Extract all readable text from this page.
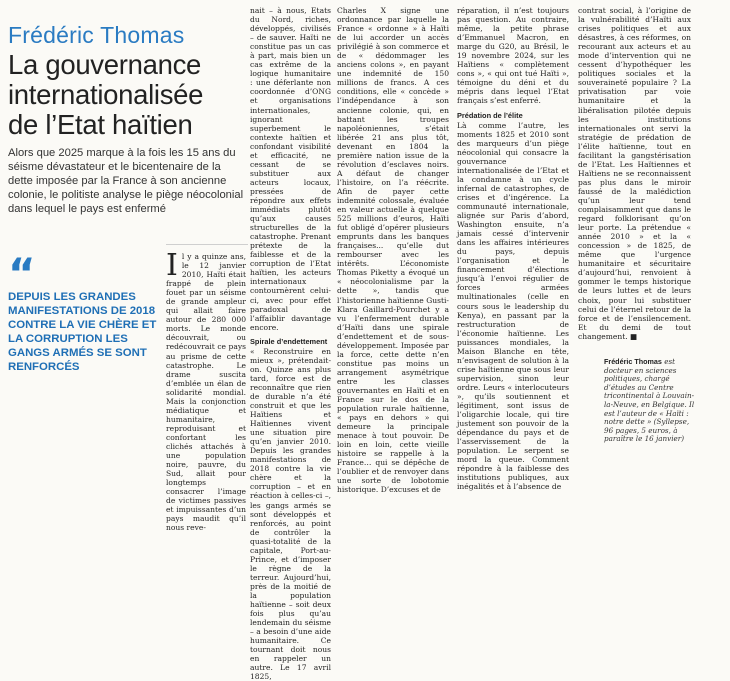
Frédéric Thomas
La gouvernance internationalisée de l’Etat haïtien
Alors que 2025 marque à la fois les 15 ans du séisme dévastateur et le bicentenaire de la dette imposée par la France à son ancienne colonie, le politiste analyse le piège néocolonial dans lequel le pays est enfermé
“
DEPUIS LES GRANDES MANIFESTATIONS DE 2018 CONTRE LA VIE CHÈRE ET LA CORRUPTION LES GANGS ARMÉS SE SONT RENFORCÉS
I l y a quinze ans, le 12 janvier 2010, Haïti était frappé de plein fouet par un séisme de grande ampleur qui allait faire autour de 280 000 morts. Le monde découvrait, ou redécouvrait ce pays au prisme de cette catastrophe. Le drame suscita d’emblée un élan de solidarité mondial. Mais la conjonction médiatique et humanitaire, reproduisant et confortant les clichés attachés à une population noire, pauvre, du Sud, allait pour longtemps consacrer l’image de victimes passives et impuissantes d’un pays maudit qu’il nous reve-

nait – à nous, Etats du Nord, riches, développés, civilisés – de sauver. Haïti ne constitue pas un cas à part, mais bien un cas extrême de la logique humanitaire : une déferlante non coordonnée d’ONG et organisations internationales, ignorant superbement le contexte haïtien et confondant visibilité et efficacité, ne cessant de se substituer aux acteurs locaux, pressées de répondre aux effets immédiats plutôt qu’aux causes structurelles de la catastrophe. Prenant prétexte de la faiblesse et de la corruption de l’Etat haïtien, les acteurs internationaux contournèrent celui-ci, avec pour effet paradoxal de l’affaiblir davantage encore.

Spirale d’endettement

« Reconstruire en mieux », prétendait-on. Quinze ans plus tard, force est de reconnaître que rien de durable n’a été construit et que les Haïtiens et Haïtiennes vivent une situation pire qu’en janvier 2010. Depuis les grandes manifestations de 2018 contre la vie chère et la corruption – et en réaction à celles-ci –, les gangs armés se sont développés et renforcés, au point de contrôler la quasi-totalité de la capitale, Port-au-Prince, et d’imposer le règne de la terreur. Aujourd’hui, près de la moitié de la population haïtienne – soit deux fois plus qu’au lendemain du séisme – a besoin d’une aide humanitaire. Ce tournant doit nous en rappeler un autre. Le 17 avril 1825,

Charles X signe une ordonnance par laquelle la France « ordonne » à Haïti de lui accorder un accès privilégié à son commerce et de « dédommager les anciens colons », en payant une indemnité de 150 millions de francs. A ces conditions, elle « concède » l’indépendance à son ancienne colonie, qui, en battant les troupes napoléoniennes, s’était libérée 21 ans plus tôt, devenant en 1804 la première nation issue de la révolution d’esclaves noirs. A défaut de changer l’histoire, on l’a réécrite. Afin de payer cette indemnité colossale, évaluée en valeur actuelle à quelque 525 millions d’euros, Haïti fut obligé d’opérer plusieurs emprunts dans les banques françaises... qu’elle dut rembourser avec les intérêts. L’économiste Thomas Piketty a évoqué un « néocolonialisme par la dette », tandis que l’historienne haïtienne Gusti-Klara Gaillard-Pourchet y a vu l’enfermement durable d’Haïti dans une spirale d’endettement et de sous-développement. Imposée par la force, cette dette n’en constitue pas moins un arrangement asymétrique entre les classes gouvernantes en Haïti et en France sur le dos de la population rurale haïtienne, « pays en dehors » qui demeure la principale menace à tout pouvoir. De loin en loin, cette vieille histoire se rappelle à la France… qui se dépêche de l’oublier et de renvoyer dans une sorte de lobotomie historique. D’excuses et de

réparation, il n’est toujours pas question. Au contraire, même, la petite phrase d’Emmanuel Macron, en marge du G20, au Brésil, le 19 novembre 2024, sur les Haïtiens « complètement cons », « qui ont tué Haïti », témoigne du déni et du mépris dans lequel l’Etat français s’est enferré.

Prédation de l’élite

Là comme l’autre, les moments 1825 et 2010 sont des marqueurs d’un piège néocolonial qui consacre la gouvernance internationalisée de l’Etat et la condamne à un cycle infernal de catastrophes, de crises et d’ingérence. La communauté internationale, alignée sur Paris d’abord, Washington ensuite, n’a jamais cessé d’intervenir dans les affaires intérieures du pays, depuis l’organisation et le financement d’élections jusqu’à l’envoi régulier de forces armées multinationales (celle en cours sous le leadership du Kenya), en passant par la restructuration de l’économie haïtienne. Les puissances mondiales, la Maison Blanche en tête, n’envisagent de solution à la crise haïtienne que sous leur supervision, sinon leur ordre. Leurs « interlocuteurs », qu’ils soutiennent et légitiment, sont issus de l’oligarchie locale, qui tire justement son pouvoir de la dépendance du pays et de l’asservissement de la population. Le serpent se mord la queue. Comment répondre à la faiblesse des institutions publiques, aux inégalités et à l’absence de

contrat social, à l’origine de la vulnérabilité d’Haïti aux crises politiques et aux désastres, à ces réformes, on recourant aux acteurs et au mode d’intervention qui ne cessent d’hypothéquer les politiques sociales et la souveraineté populaire ? La privatisation par voie humanitaire et la libéralisation pilotée depuis les institutions internationales ont servi la stratégie de prédation de l’élite haïtienne, tout en facilitant la gangstérisation de l’Etat. Les Haïtiennes et Haïtiens ne se reconnaissent pas plus dans le miroir faussé de la malédiction qu’un leur tend complaisamment que dans le regard folklorisant qu’on leur porte. La prétendue « année 2010 » et la « concession » de 1825, de même que l’urgence humanitaire et sécuritaire d’aujourd’hui, renvoient à gommer le temps historique de leurs luttes et de leurs choix, pour lui substituer celui de l’éternel retour de la force et de l’ensilencement. Et du demi de tout changement. ■

Frédéric Thomas est docteur en sciences politiques, chargé d’études au Centre tricontinental à Louvain-la-Neuve, en Belgique. Il est l’auteur de « Haïti : notre dette » (Syllepse, 96 pages, 5 euros, à paraître le 16 janvier)
